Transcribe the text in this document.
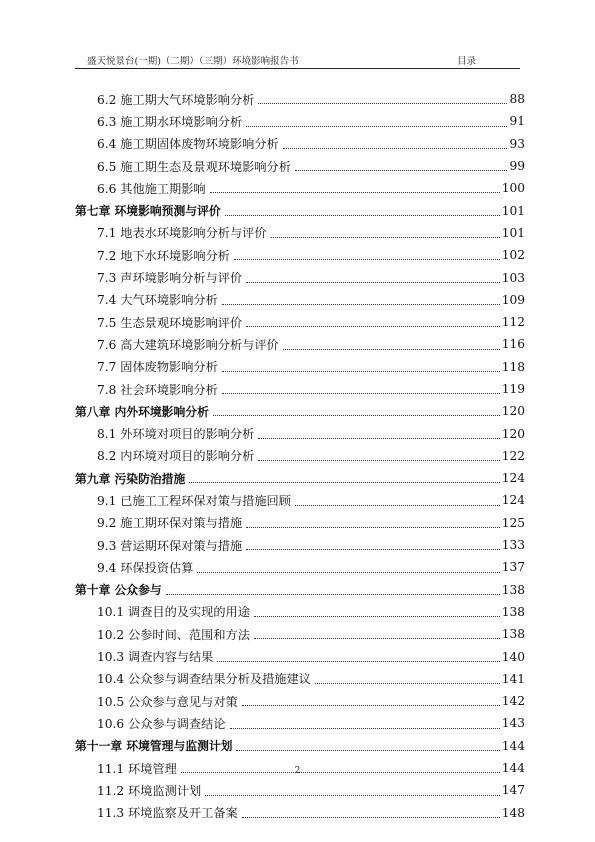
盛天悦景台(一期)（二期）（三期）环境影响报告书	目录
6.2 施工期大气环境影响分析	88
6.3 施工期水环境影响分析	91
6.4 施工期固体废物环境影响分析	93
6.5 施工期生态及景观环境影响分析	99
6.6 其他施工期影响	100
第七章 环境影响预测与评价	101
7.1 地表水环境影响分析与评价	101
7.2 地下水环境影响分析	102
7.3 声环境影响分析与评价	103
7.4 大气环境影响分析	109
7.5 生态景观环境影响评价	112
7.6 高大建筑环境影响分析与评价	116
7.7 固体废物影响分析	118
7.8 社会环境影响分析	119
第八章 内外环境影响分析	120
8.1 外环境对项目的影响分析	120
8.2 内环境对项目的影响分析	122
第九章 污染防治措施	124
9.1 已施工工程环保对策与措施回顾	124
9.2 施工期环保对策与措施	125
9.3 营运期环保对策与措施	133
9.4 环保投资估算	137
第十章 公众参与	138
10.1 调查目的及实现的用途	138
10.2 公参时间、范围和方法	138
10.3 调查内容与结果	140
10.4 公众参与调查结果分析及措施建议	141
10.5 公众参与意见与对策	142
10.6 公众参与调查结论	143
第十一章 环境管理与监测计划	144
11.1 环境管理	144
11.2 环境监测计划	147
11.3 环境监察及开工备案	148
2
